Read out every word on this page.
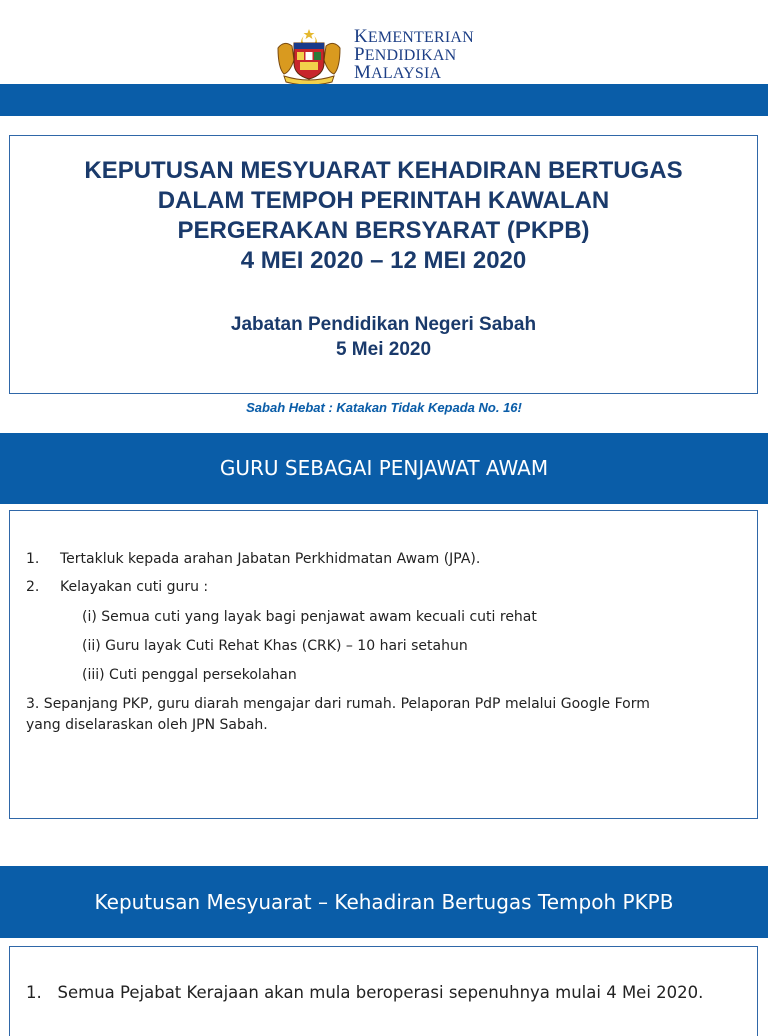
KEMENTERIAN
PENDIDIKAN
MALAYSIA
KEPUTUSAN MESYUARAT KEHADIRAN BERTUGAS
DALAM TEMPOH PERINTAH KAWALAN
PERGERAKAN BERSYARAT (PKPB)
4 MEI 2020 – 12 MEI 2020
Jabatan Pendidikan Negeri Sabah
5 Mei 2020
Sabah Hebat : Katakan Tidak Kepada No. 16!
GURU SEBAGAI PENJAWAT AWAM
1. Tertakluk kepada arahan Jabatan Perkhidmatan Awam (JPA).
2. Kelayakan cuti guru :
(i) Semua cuti yang layak bagi penjawat awam kecuali cuti rehat
(ii) Guru layak Cuti Rehat Khas (CRK) – 10 hari setahun
(iii) Cuti penggal persekolahan
3. Sepanjang PKP, guru diarah mengajar dari rumah. Pelaporan PdP melalui Google Form
yang diselaraskan oleh JPN Sabah.
Keputusan Mesyuarat – Kehadiran Bertugas Tempoh PKPB
1. Semua Pejabat Kerajaan akan mula beroperasi sepenuhnya mulai 4 Mei 2020.
